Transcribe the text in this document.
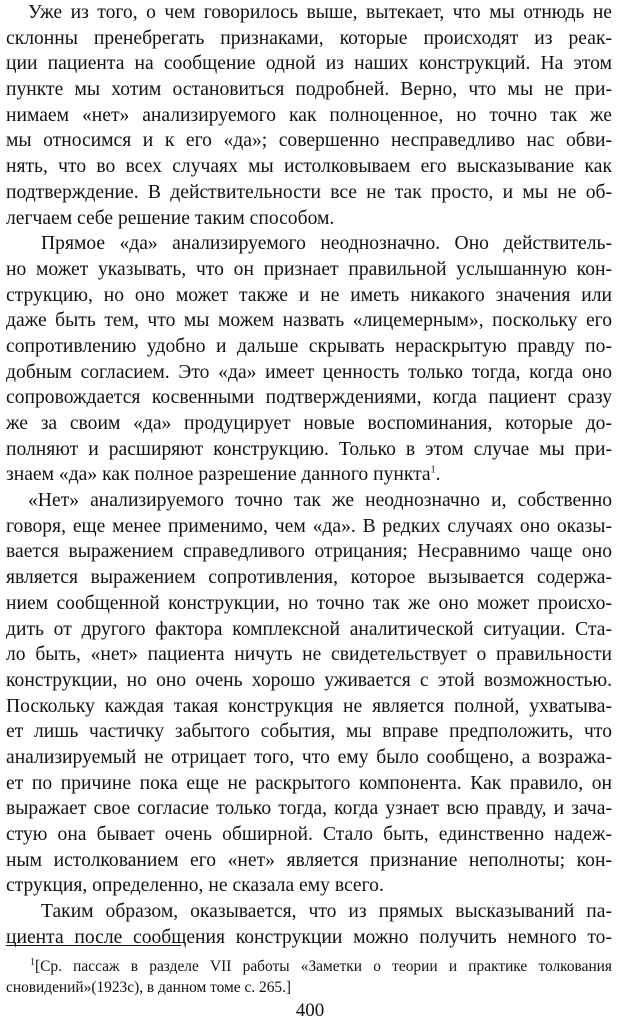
Уже из того, о чем говорилось выше, вытекает, что мы отнюдь не
склонны пренебрегать признаками, которые происходят из реак-
ции пациента на сообщение одной из наших конструкций. На этом
пункте мы хотим остановиться подробней. Верно, что мы не при-
нимаем «нет» анализируемого как полноценное, но точно так же
мы относимся и к его «да»; совершенно несправедливо нас обви-
нять, что во всех случаях мы истолковываем его высказывание как
подтверждение. В действительности все не так просто, и мы не об-
легчаем себе решение таким способом.
Прямое «да» анализируемого неоднозначно. Оно действитель-
но может указывать, что он признает правильной услышанную кон-
струкцию, но оно может также и не иметь никакого значения или
даже быть тем, что мы можем назвать «лицемерным», поскольку его
сопротивлению удобно и дальше скрывать нераскрытую правду по-
добным согласием. Это «да» имеет ценность только тогда, когда оно
сопровождается косвенными подтверждениями, когда пациент сразу
же за своим «да» продуцирует новые воспоминания, которые до-
полняют и расширяют конструкцию. Только в этом случае мы при-
знаем «да» как полное разрешение данного пункта$^1$.
«Нет» анализируемого точно так же неоднозначно и, собственно
говоря, еще менее применимо, чем «да». В редких случаях оно оказы-
вается выражением справедливого отрицания; Несравнимо чаще оно
является выражением сопротивления, которое вызывается содержа-
нием сообщенной конструкции, но точно так же оно может происхо-
дить от другого фактора комплексной аналитической ситуации. Ста-
ло быть, «нет» пациента ничуть не свидетельствует о правильности
конструкции, но оно очень хорошо уживается с этой возможностью.
Поскольку каждая такая конструкция не является полной, ухватыва-
ет лишь частичку забытого события, мы вправе предположить, что
анализируемый не отрицает того, что ему было сообщено, а возража-
ет по причине пока еще не раскрытого компонента. Как правило, он
выражает свое согласие только тогда, когда узнает всю правду, и зача-
стую она бывает очень обширной. Стало быть, единственно надеж-
ным истолкованием его «нет» является признание неполноты; кон-
струкция, определенно, не сказала ему всего.
Таким образом, оказывается, что из прямых высказываний па-
циента после сообщения конструкции можно получить немного то-
$^1$[Ср. пассаж в разделе VII работы «Заметки о теории и практике толкования
сновидений»(1923c), в данном томе с. 265.]
400
